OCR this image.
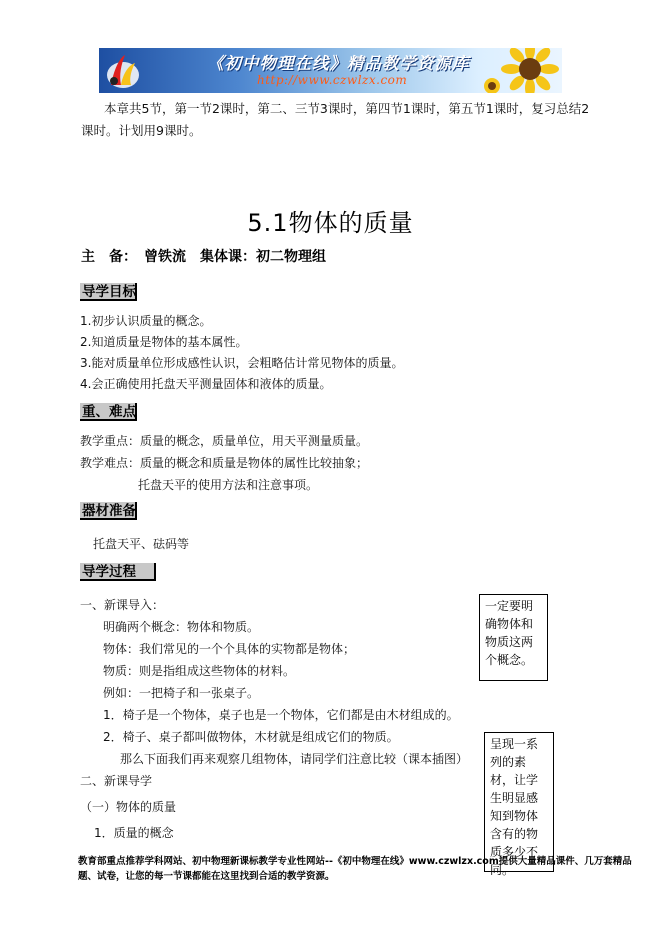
《初中物理在线》精品教学资源库
http://www.czwlzx.com
本章共5节，第一节2课时，第二、三节3课时，第四节1课时，第五节1课时，复习总结2
课时。计划用9课时。
5.1物体的质量
主　备：　曾铁流　集体课：初二物理组
导学目标
1.初步认识质量的概念。
2.知道质量是物体的基本属性。
3.能对质量单位形成感性认识，会粗略估计常见物体的质量。
4.会正确使用托盘天平测量固体和液体的质量。
重、难点
教学重点：质量的概念，质量单位，用天平测量质量。
教学难点：质量的概念和质量是物体的属性比较抽象；
托盘天平的使用方法和注意事项。
器材准备
托盘天平、砝码等
导学过程
一、新课导入：
明确两个概念：物体和物质。
物体：我们常见的一个个具体的实物都是物体；
物质：则是指组成这些物体的材料。
例如：一把椅子和一张桌子。
1．椅子是一个物体，桌子也是一个物体，它们都是由木材组成的。
2．椅子、桌子都叫做物体，木材就是组成它们的物质。
那么下面我们再来观察几组物体，请同学们注意比较（课本插图）
二、新课导学
（一）物体的质量
1．质量的概念
一定要明确物体和物质这两个概念。
呈现一系列的素材，让学生明显感知到物体含有的物质多少不同。
教育部重点推荐学科网站、初中物理新课标教学专业性网站--《初中物理在线》www.czwlzx.com提供大量精品课件、几万套精品题、试卷，让您的每一节课都能在这里找到合适的教学资源。
